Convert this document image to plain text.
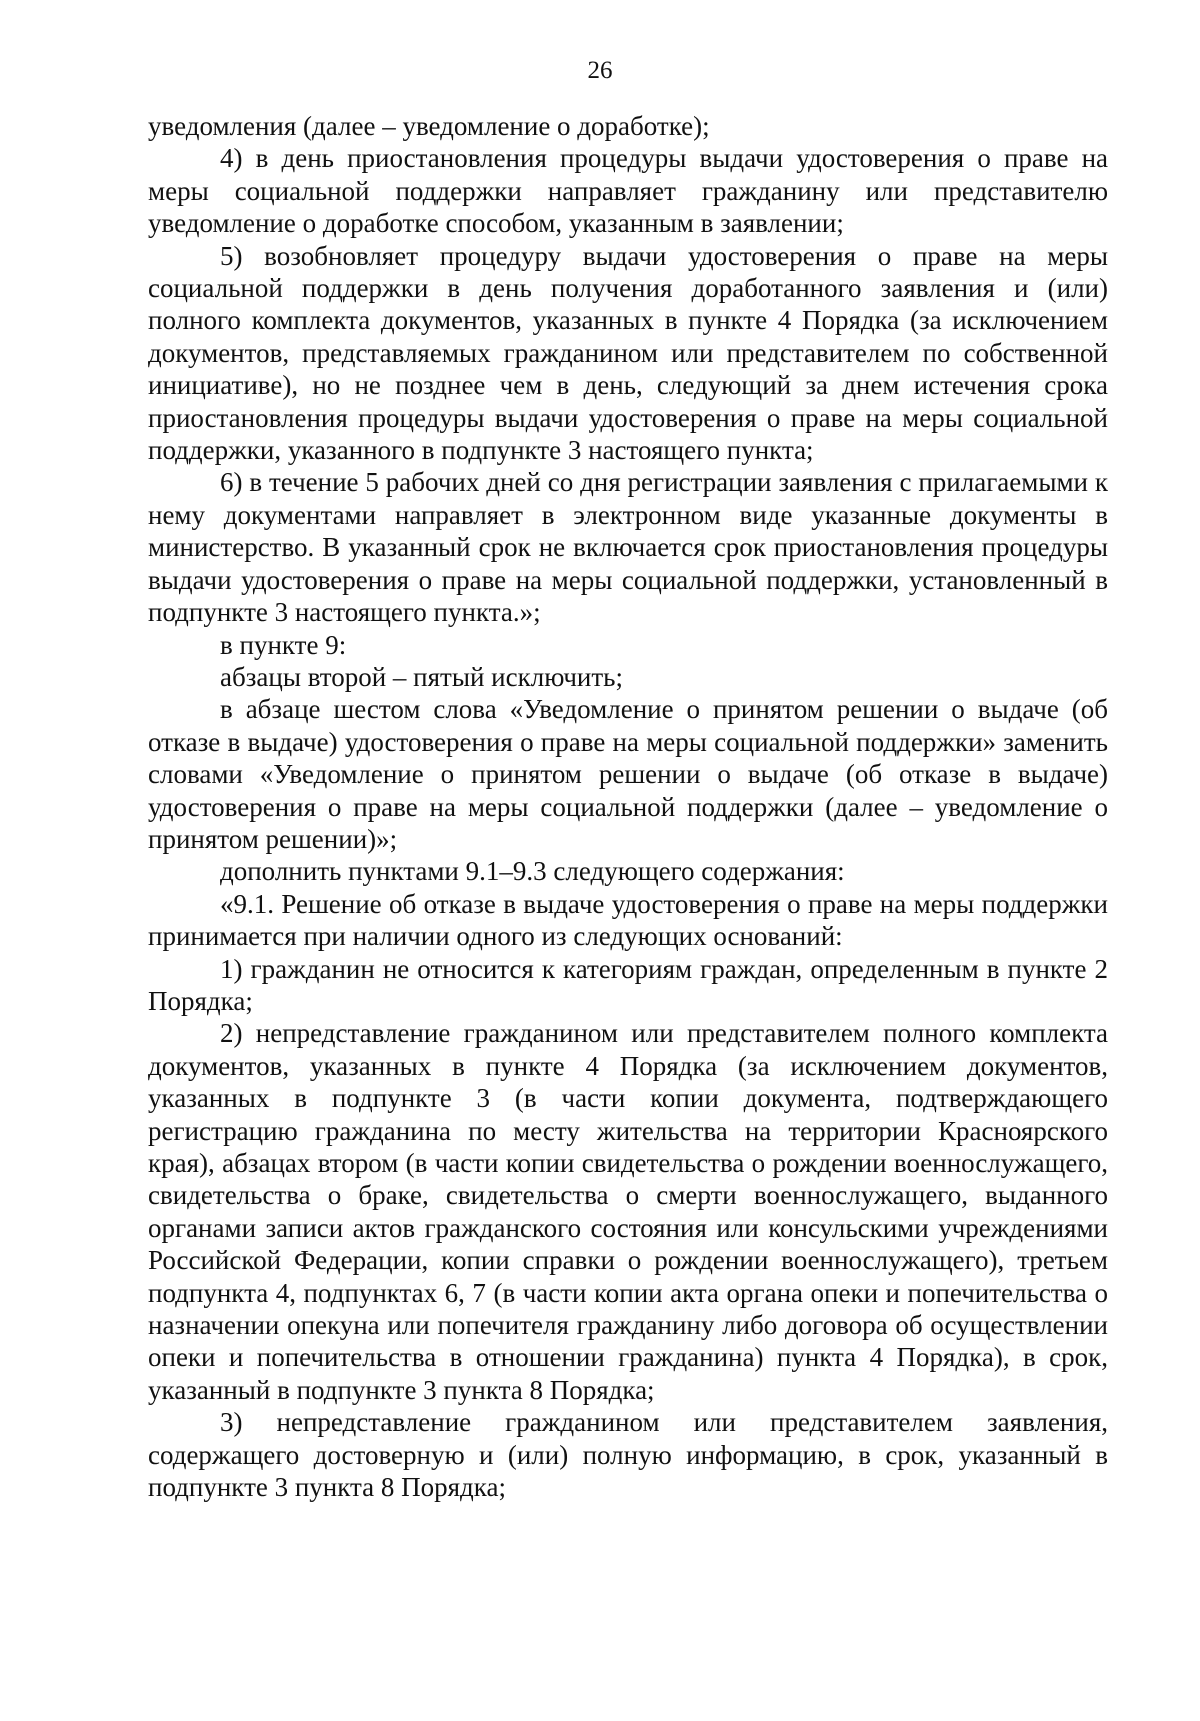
26

уведомления (далее – уведомление о доработке);

4) в день приостановления процедуры выдачи удостоверения о праве на меры социальной поддержки направляет гражданину или представителю уведомление о доработке способом, указанным в заявлении;

5) возобновляет процедуру выдачи удостоверения о праве на меры социальной поддержки в день получения доработанного заявления и (или) полного комплекта документов, указанных в пункте 4 Порядка (за исключением документов, представляемых гражданином или представителем по собственной инициативе), но не позднее чем в день, следующий за днем истечения срока приостановления процедуры выдачи удостоверения о праве на меры социальной поддержки, указанного в подпункте 3 настоящего пункта;

6) в течение 5 рабочих дней со дня регистрации заявления с прилагаемыми к нему документами направляет в электронном виде указанные документы в министерство. В указанный срок не включается срок приостановления процедуры выдачи удостоверения о праве на меры социальной поддержки, установленный в подпункте 3 настоящего пункта.»;

в пункте 9:

абзацы второй – пятый исключить;

в абзаце шестом слова «Уведомление о принятом решении о выдаче (об отказе в выдаче) удостоверения о праве на меры социальной поддержки» заменить словами «Уведомление о принятом решении о выдаче (об отказе в выдаче) удостоверения о праве на меры социальной поддержки (далее – уведомление о принятом решении)»;

дополнить пунктами 9.1–9.3 следующего содержания:

«9.1. Решение об отказе в выдаче удостоверения о праве на меры поддержки принимается при наличии одного из следующих оснований:

1) гражданин не относится к категориям граждан, определенным в пункте 2 Порядка;

2) непредставление гражданином или представителем полного комплекта документов, указанных в пункте 4 Порядка (за исключением документов, указанных в подпункте 3 (в части копии документа, подтверждающего регистрацию гражданина по месту жительства на территории Красноярского края), абзацах втором (в части копии свидетельства о рождении военнослужащего, свидетельства о браке, свидетельства о смерти военнослужащего, выданного органами записи актов гражданского состояния или консульскими учреждениями Российской Федерации, копии справки о рождении военнослужащего), третьем подпункта 4, подпунктах 6, 7 (в части копии акта органа опеки и попечительства о назначении опекуна или попечителя гражданину либо договора об осуществлении опеки и попечительства в отношении гражданина) пункта 4 Порядка), в срок, указанный в подпункте 3 пункта 8 Порядка;

3) непредставление гражданином или представителем заявления, содержащего достоверную и (или) полную информацию, в срок, указанный в подпункте 3 пункта 8 Порядка;
